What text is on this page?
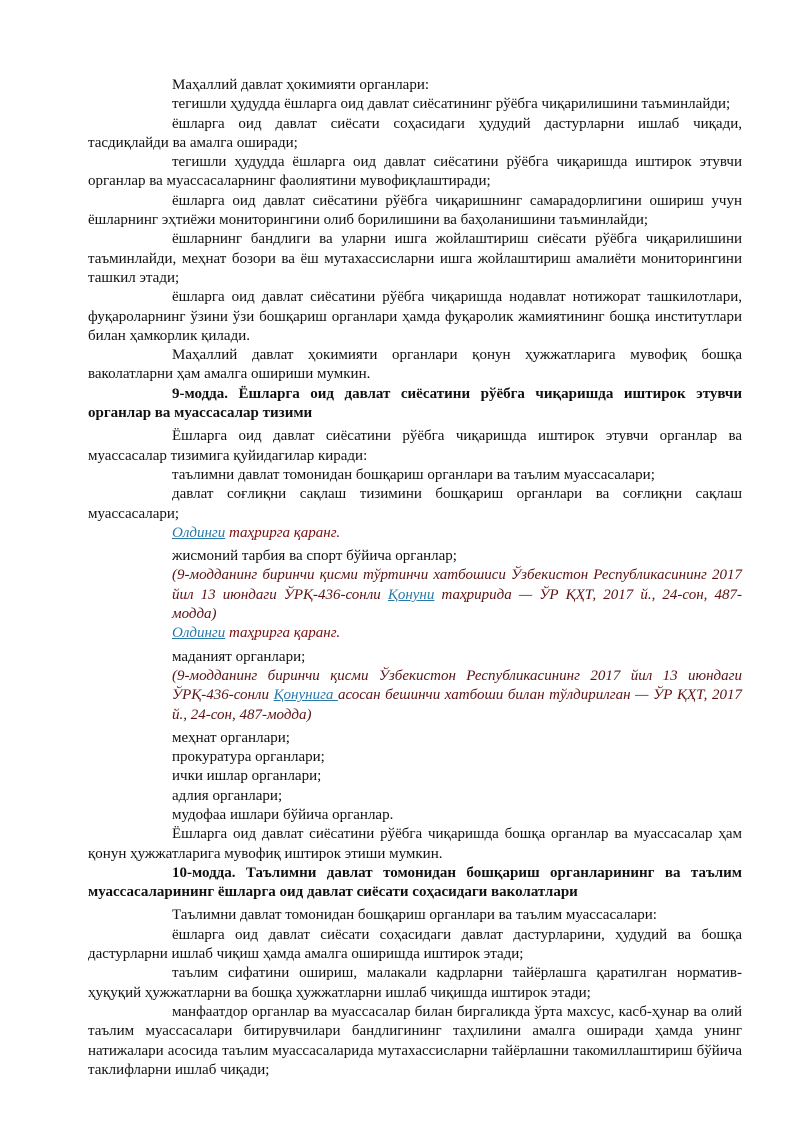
Маҳаллий давлат ҳокимияти органлари:

тегишли ҳудудда ёшларга оид давлат сиёсатининг рўёбга чиқарилишини таъминлайди;

ёшларга оид давлат сиёсати соҳасидаги ҳудудий дастурларни ишлаб чиқади, тасдиқлайди ва амалга оширади;

тегишли ҳудудда ёшларга оид давлат сиёсатини рўёбга чиқаришда иштирок этувчи органлар ва муассасаларнинг фаолиятини мувофиқлаштиради;

ёшларга оид давлат сиёсатини рўёбга чиқаришнинг самарадорлигини ошириш учун ёшларнинг эҳтиёжи мониторингини олиб борилишини ва баҳоланишини таъминлайди;

ёшларнинг бандлиги ва уларни ишга жойлаштириш сиёсати рўёбга чиқарилишини таъминлайди, меҳнат бозори ва ёш мутахассисларни ишга жойлаштириш амалиёти мониторингини ташкил этади;

ёшларга оид давлат сиёсатини рўёбга чиқаришда нодавлат нотижорат ташкилотлари, фуқароларнинг ўзини ўзи бошқариш органлари ҳамда фуқаролик жамиятининг бошқа институтлари билан ҳамкорлик қилади.

Маҳаллий давлат ҳокимияти органлари қонун ҳужжатларига мувофиқ бошқа ваколатларни ҳам амалга ошириши мумкин.

9-модда. Ёшларга оид давлат сиёсатини рўёбга чиқаришда иштирок этувчи органлар ва муассасалар тизими

Ёшларга оид давлат сиёсатини рўёбга чиқаришда иштирок этувчи органлар ва муассасалар тизимига қуйидагилар киради:

таълимни давлат томонидан бошқариш органлари ва таълим муассасалари;

давлат соғлиқни сақлаш тизимини бошқариш органлари ва соғлиқни сақлаш муассасалари;

Олдинги таҳрирга қаранг.

жисмоний тарбия ва спорт бўйича органлар;

(9-модданинг биринчи қисми тўртинчи хатбошиси Ўзбекистон Республикасининг 2017 йил 13 июндаги ЎРҚ-436-сонли Қонуни таҳририда — ЎР ҚҲТ, 2017 й., 24-сон, 487-модда)

Олдинги таҳрирга қаранг.

маданият органлари;

(9-модданинг биринчи қисми Ўзбекистон Республикасининг 2017 йил 13 июндаги ЎРҚ-436-сонли Қонунига асосан бешинчи хатбоши билан тўлдирилган — ЎР ҚҲТ, 2017 й., 24-сон, 487-модда)

меҳнат органлари;

прокуратура органлари;

ички ишлар органлари;

адлия органлари;

мудофаа ишлари бўйича органлар.

Ёшларга оид давлат сиёсатини рўёбга чиқаришда бошқа органлар ва муассасалар ҳам қонун ҳужжатларига мувофиқ иштирок этиши мумкин.

10-модда. Таълимни давлат томонидан бошқариш органларининг ва таълим муассасаларининг ёшларга оид давлат сиёсати соҳасидаги ваколатлари

Таълимни давлат томонидан бошқариш органлари ва таълим муассасалари:

ёшларга оид давлат сиёсати соҳасидаги давлат дастурларини, ҳудудий ва бошқа дастурларни ишлаб чиқиш ҳамда амалга оширишда иштирок этади;

таълим сифатини ошириш, малакали кадрларни тайёрлашга қаратилган норматив-ҳуқуқий ҳужжатларни ва бошқа ҳужжатларни ишлаб чиқишда иштирок этади;

манфаатдор органлар ва муассасалар билан биргаликда ўрта махсус, касб-ҳунар ва олий таълим муассасалари битирувчилари бандлигининг таҳлилини амалга оширади ҳамда унинг натижалари асосида таълим муассасаларида мутахассисларни тайёрлашни такомиллаштириш бўйича таклифларни ишлаб чиқади;
